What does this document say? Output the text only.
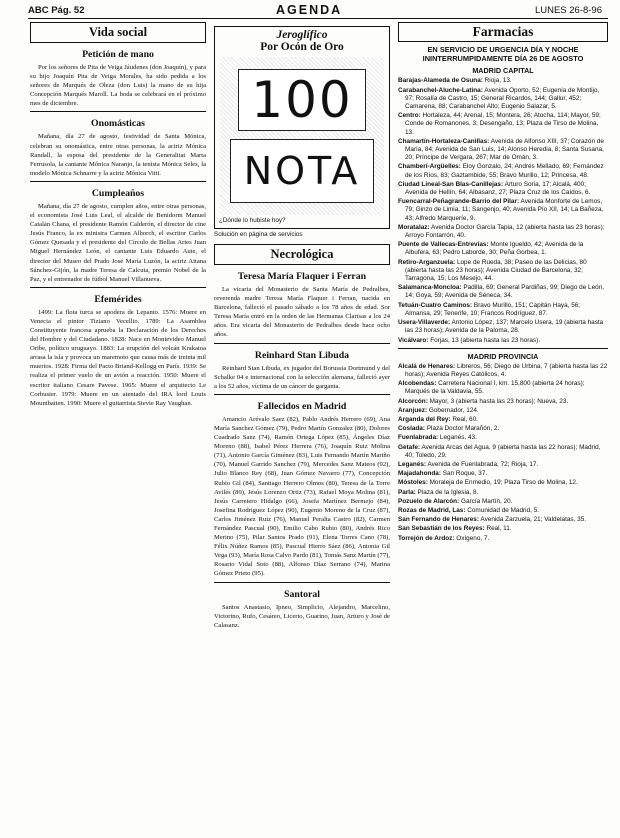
ABC Pág. 52	AGENDA	LUNES 26-8-96
Vida social
Petición de mano

Por los señores de Pita de Veiga Jáudenes (don Joaquín), y para su hijo Joaquín Pita de Veiga Morales, ha sido pedida a los señores de Marqués de Oleza (don Luis) la mano de su hija Concepción Marqués Maroll. La boda se celebrará en el próximo mes de diciembre.

Onomásticas

Mañana, día 27 de agosto, festividad de Santa Mónica, celebran su onomástica, entre otras personas, la actriz Mónica Randall, la esposa del presidente de la Generalitat Marta Ferrusola, la cantante Mónica Naranjo, la tenista Mónica Seles, la modelo Mónica Schnarre y la actriz Mónica Vitti.

Cumpleaños

Mañana, día 27 de agosto, cumplen años, entre otras personas, el economista José Luis Leal, el alcalde de Benidorm Manuel Catalán Chana, el presidente Ramón Calderón, el director de cine Jesús Franco, la ex ministra Carmen Alborch, el escritor Carlos Gómez Quesada y el presidente del Círculo de Bellas Artes Juan Miguel Hernández León, el cantante Luis Eduardo Aute, el director del Museo del Prado José María Luzón, la actriz Aitana Sánchez-Gijón, la madre Teresa de Calcuta, premio Nobel de la Paz, y el entrenador de fútbol Manuel Villanueva.

Efemérides

1499: La flota turca se apodera de Lepanto. 1576: Muere en Venecia el pintor Tiziano Vecellio. 1789: La Asamblea Constituyente francesa aprueba la Declaración de los Derechos del Hombre y del Ciudadano. 1828: Nace en Montevideo Manuel Oribe, político uruguayo. 1883: La erupción del volcán Krakatoa arrasa la isla y provoca un maremoto que causa más de treinta mil muertos. 1928: Firma del Pacto Briand-Kellogg en París. 1939: Se realiza el primer vuelo de un avión a reacción. 1950: Muere el escritor italiano Cesare Pavese. 1965: Muere el arquitecto Le Corbusier. 1979: Muere en un atentado del IRA lord Louis Mountbatten. 1990: Muere el guitarrista Stevie Ray Vaughan.

Jeroglífico
Por Ocón de Oro
100
NOTA
¿Dónde lo hubiste hoy?
Solución en página de servicios
Necrológica
Teresa María Flaquer i Ferran

La vicaria del Monasterio de Santa María de Pedralbes, reverenda madre Teresa María Flaquer i Ferran, nacida en Barcelona, falleció el pasado sábado a los 78 años de edad. Sor Teresa María entró en la orden de las Hermanas Clarisas a los 24 años. Era vicaria del Monasterio de Pedralbes desde hace ocho años.

Reinhard Stan Libuda

Reinhard Stan Libuda, ex jugador del Borussia Dortmund y del Schalke 04 e internacional con la selección alemana, falleció ayer a los 52 años, víctima de un cáncer de garganta.

Fallecidos en Madrid

Amancio Arévalo Saez (82), Pablo Andrés Herrero (69), Ana María Sanchez Gómez (79), Pedro Martín Gonzalez (80), Dolores Cuadrado Sanz (74), Ramón Ortega López (85), Ángeles Díaz Moreno (88), Isabel Pérez Herrera (76), Joaquín Ruiz Molina (71), Antonio García Giménez (83), Luis Fernando Martín Mariño (70), Manuel Garrido Sanchez (79), Mercedes Sanz Mateos (92), Julio Blanco Rey (68), Juan Gómez Navarro (77), Concepción Rubio Gil (84), Santiago Herrero Olmos (80), Teresa de la Torre Avilés (89), Jesús Lorenzo Ortiz (73), Rafael Moya Molina (81), Jesús Carretero Hidalgo (66), Josefa Martínez Bermejo (84), Josefina Rodríguez López (90), Eugenio Moreno de la Cruz (87), Carlos Jiménez Ruiz (76), Manuel Peralta Castro (82), Carmen Fernández Pascual (90), Emilio Cabo Rubio (80), Andrés Rico Merino (75), Pilar Santos Prado (91), Elena Torres Cano (78), Félix Núñez Ramos (85), Pascual Hierro Sáez (86), Antonia Gil Vega (93), María Rosa Calvo Pardo (81), Tomás Sanz Martín (77), Rosario Vidal Soto (88), Alfonso Díaz Serrano (74), Marina Gómez Prieto (95).

Santoral

Santos Anastasio, Ipneo, Simplicio, Alejandro, Marcelino, Victorino, Rufo, Cesáreo, Licerio, Guarino, Juan, Arturo y José de Calasanz.

Farmacias
EN SERVICIO DE URGENCIA DÍA Y NOCHE ININTERRUMPIDAMENTE DÍA 26 DE AGOSTO
MADRID CAPITAL

Barajas-Alameda de Osuna: Rioja, 13.

Carabanchel-Aluche-Latina: Avenida Oporto, 52; Eugenia de Montijo, 97; Rosalía de Castro, 15; General Ricardos, 144; Gallur, 452; Camarena, 88; Carabanchel Alto; Eugenio Salazar, 5.

Centro: Hortaleza, 44; Arenal, 15; Montera, 26; Atocha, 114; Mayor, 59; Conde de Romanones, 3; Desengaño, 13; Plaza de Tirso de Molina, 13.

Chamartín-Hortaleza-Canillas: Avenida de Alfonso XIII, 37; Corazón de María, 84; Avenida de San Luis, 14; Alonso Heredia, 8; Santa Susana, 20; Príncipe de Vergara, 267; Mar de Omán, 3.

Chamberí-Argüelles: Eloy Gonzalo, 24; Andrés Mellado, 69; Fernández de los Ríos, 83; Gaztambide, 55; Bravo Murillo, 12; Princesa, 48.

Ciudad Lineal-San Blas-Canillejas: Arturo Soria, 17; Alcalá, 400; Avenida de Hellín, 64; Albasanz, 27; Plaza Cruz de los Caídos, 6.

Fuencarral-Peñagrande-Barrio del Pilar: Avenida Monforte de Lemos, 79; Ginzo de Limia, 11; Sangenjo, 40; Avenida Pío XII, 14; La Bañeza, 43; Alfredo Marqueríe, 9.

Moratalaz: Avenida Doctor García Tapia, 12 (abierta hasta las 23 horas); Arroyo Fontarrón, 40.

Puente de Vallecas-Entrevías: Monte Igueldo, 42; Avenida de la Albufera, 63; Pedro Laborde, 30; Peña Gorbea, 1.

Retiro-Arganzuela: Lope de Rueda, 38; Paseo de las Delicias, 80 (abierta hasta las 23 horas); Avenida Ciudad de Barcelona, 32; Tarragona, 15; Los Mesejo, 44.

Salamanca-Moncloa: Padilla, 69; General Pardiñas, 99; Diego de León, 14; Goya, 59; Avenida de Séneca, 34.

Tetuán-Cuatro Caminos: Bravo Murillo, 151; Capitán Haya, 56; Almansa, 29; Tenerife, 10; Francos Rodríguez, 87.

Usera-Villaverde: Antonio López, 137; Marcelo Usera, 19 (abierta hasta las 23 horas); Avenida de la Paloma, 28.

Vicálvaro: Forjas, 13 (abierta hasta las 23 horas).

MADRID PROVINCIA

Alcalá de Henares: Libreros, 56; Diego de Urbina, 7 (abierta hasta las 22 horas); Avenida Reyes Católicos, 4.

Alcobendas: Carretera Nacional I, km. 15,800 (abierta 24 horas); Marqués de la Valdavia, 55.

Alcorcón: Mayor, 3 (abierta hasta las 23 horas); Nueva, 23.

Aranjuez: Gobernador, 124.

Arganda del Rey: Real, 60.

Coslada: Plaza Doctor Marañón, 2.

Fuenlabrada: Leganés, 43.

Getafe: Avenida Arcas del Agua, 9 (abierta hasta las 22 horas); Madrid, 40; Toledo, 29.

Leganés: Avenida de Fuenlabrada, 72; Rioja, 17.

Majadahonda: San Roque, 37.

Móstoles: Moraleja de Enmedio, 19; Plaza Tirso de Molina, 12.

Parla: Plaza de la Iglesia, 8.

Pozuelo de Alarcón: García Martín, 20.

Rozas de Madrid, Las: Comunidad de Madrid, 5.

San Fernando de Henares: Avenida Zarzuela, 21; Valdelatas, 35.

San Sebastián de los Reyes: Real, 11.

Torrejón de Ardoz: Oxígeno, 7.
